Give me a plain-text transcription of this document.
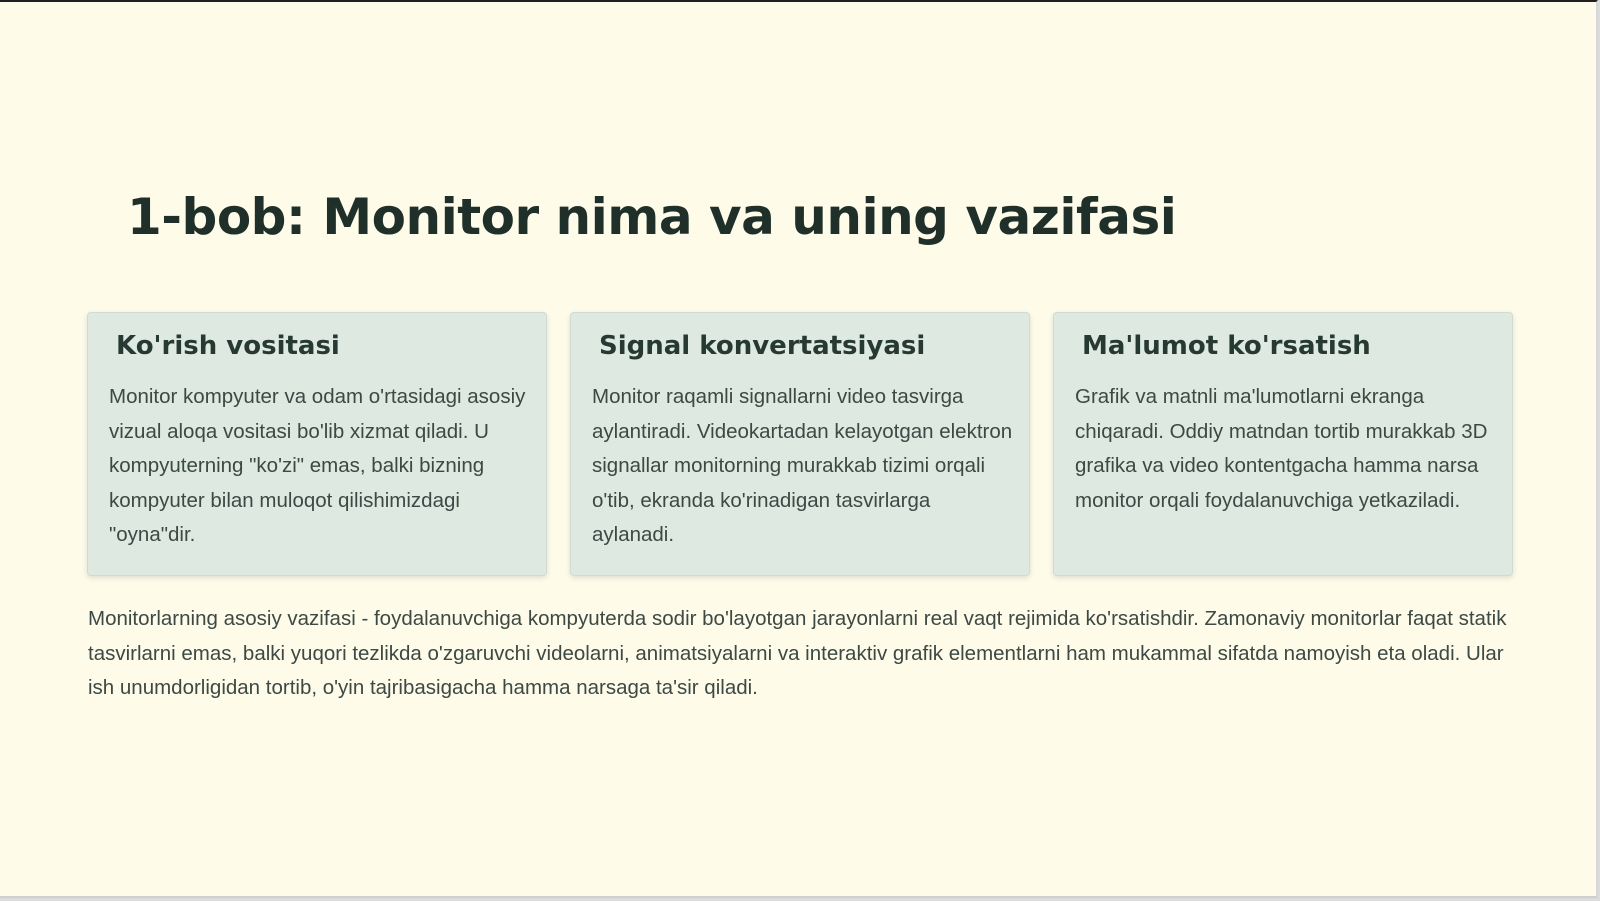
1-bob: Monitor nima va uning vazifasi
Ko'rish vositasi

Monitor kompyuter va odam o'rtasidagi asosiy vizual aloqa vositasi bo'lib xizmat qiladi. U kompyuterning "ko'zi" emas, balki bizning kompyuter bilan muloqot qilishimizdagi "oyna"dir.

Signal konvertatsiyasi

Monitor raqamli signallarni video tasvirga aylantiradi. Videokartadan kelayotgan elektron signallar monitorning murakkab tizimi orqali o'tib, ekranda ko'rinadigan tasvirlarga aylanadi.

Ma'lumot ko'rsatish

Grafik va matnli ma'lumotlarni ekranga chiqaradi. Oddiy matndan tortib murakkab 3D grafika va video kontentgacha hamma narsa monitor orqali foydalanuvchiga yetkaziladi.

Monitorlarning asosiy vazifasi - foydalanuvchiga kompyuterda sodir bo'layotgan jarayonlarni real vaqt rejimida ko'rsatishdir. Zamonaviy monitorlar faqat statik tasvirlarni emas, balki yuqori tezlikda o'zgaruvchi videolarni, animatsiyalarni va interaktiv grafik elementlarni ham mukammal sifatda namoyish eta oladi. Ular ish unumdorligidan tortib, o'yin tajribasigacha hamma narsaga ta'sir qiladi.
